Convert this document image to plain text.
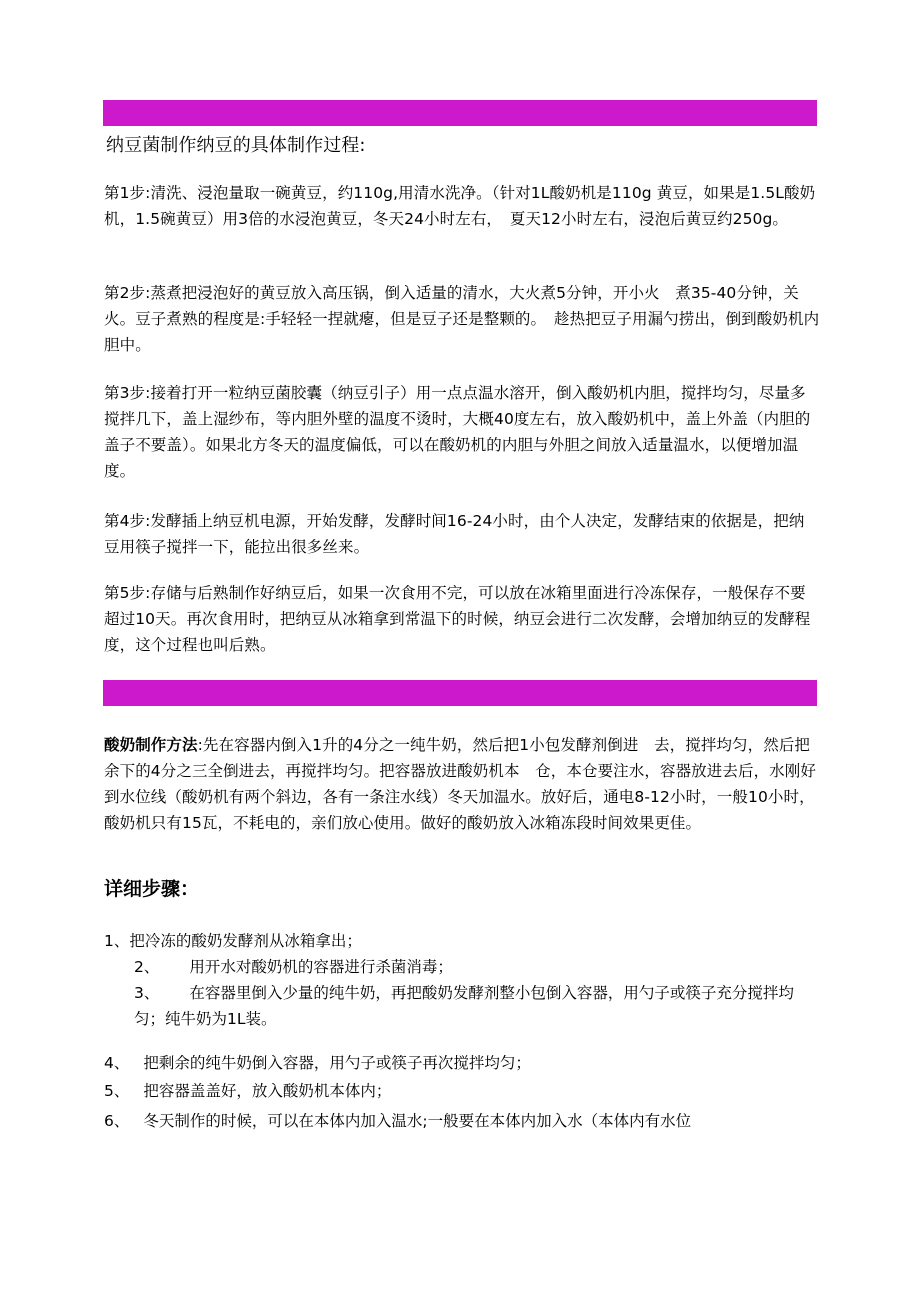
纳豆菌制作纳豆的具体制作过程:

第1步:清洗、浸泡量取一碗黄豆，约110g,用清水洗净。（针对1L酸奶机是110g 黄豆，如果是1.5L酸奶机，1.5碗黄豆）用3倍的水浸泡黄豆，冬天24小时左右，　夏天12小时左右，浸泡后黄豆约250g。

第2步:蒸煮把浸泡好的黄豆放入高压锅，倒入适量的清水，大火煮5分钟，开小火　煮35-40分钟，关火。豆子煮熟的程度是:手轻轻一捏就瘪，但是豆子还是整颗的。　趁热把豆子用漏勺捞出，倒到酸奶机内胆中。

第3步:接着打开一粒纳豆菌胶囊（纳豆引子）用一点点温水溶开，倒入酸奶机内胆，搅拌均匀，尽量多搅拌几下，盖上湿纱布，等内胆外壁的温度不烫时，大概40度左右，放入酸奶机中，盖上外盖（内胆的盖子不要盖）。如果北方冬天的温度偏低，可以在酸奶机的内胆与外胆之间放入适量温水，以便增加温度。

第4步:发酵插上纳豆机电源，开始发酵，发酵时间16-24小时，由个人决定，发酵结束的依据是，把纳豆用筷子搅拌一下，能拉出很多丝来。

第5步:存储与后熟制作好纳豆后，如果一次食用不完，可以放在冰箱里面进行冷冻保存，一般保存不要超过10天。再次食用时，把纳豆从冰箱拿到常温下的时候，纳豆会进行二次发酵，会增加纳豆的发酵程度，这个过程也叫后熟。

酸奶制作方法:先在容器内倒入1升的4分之一纯牛奶，然后把1小包发酵剂倒进　去，搅拌均匀，然后把余下的4分之三全倒进去，再搅拌均匀。把容器放进酸奶机本　仓，本仓要注水，容器放进去后，水刚好到水位线（酸奶机有两个斜边，各有一条注水线）冬天加温水。放好后，通电8-12小时，一般10小时，酸奶机只有15瓦，不耗电的，亲们放心使用。做好的酸奶放入冰箱冻段时间效果更佳。

详细步骤：

1、把冷冻的酸奶发酵剂从冰箱拿出；

2、 用开水对酸奶机的容器进行杀菌消毒；

3、 在容器里倒入少量的纯牛奶，再把酸奶发酵剂整小包倒入容器，用勺子或筷子充分搅拌均匀；纯牛奶为1L装。

4、 把剩余的纯牛奶倒入容器，用勺子或筷子再次搅拌均匀；

5、 把容器盖盖好，放入酸奶机本体内；

6、 冬天制作的时候，可以在本体内加入温水;一般要在本体内加入水（本体内有水位
